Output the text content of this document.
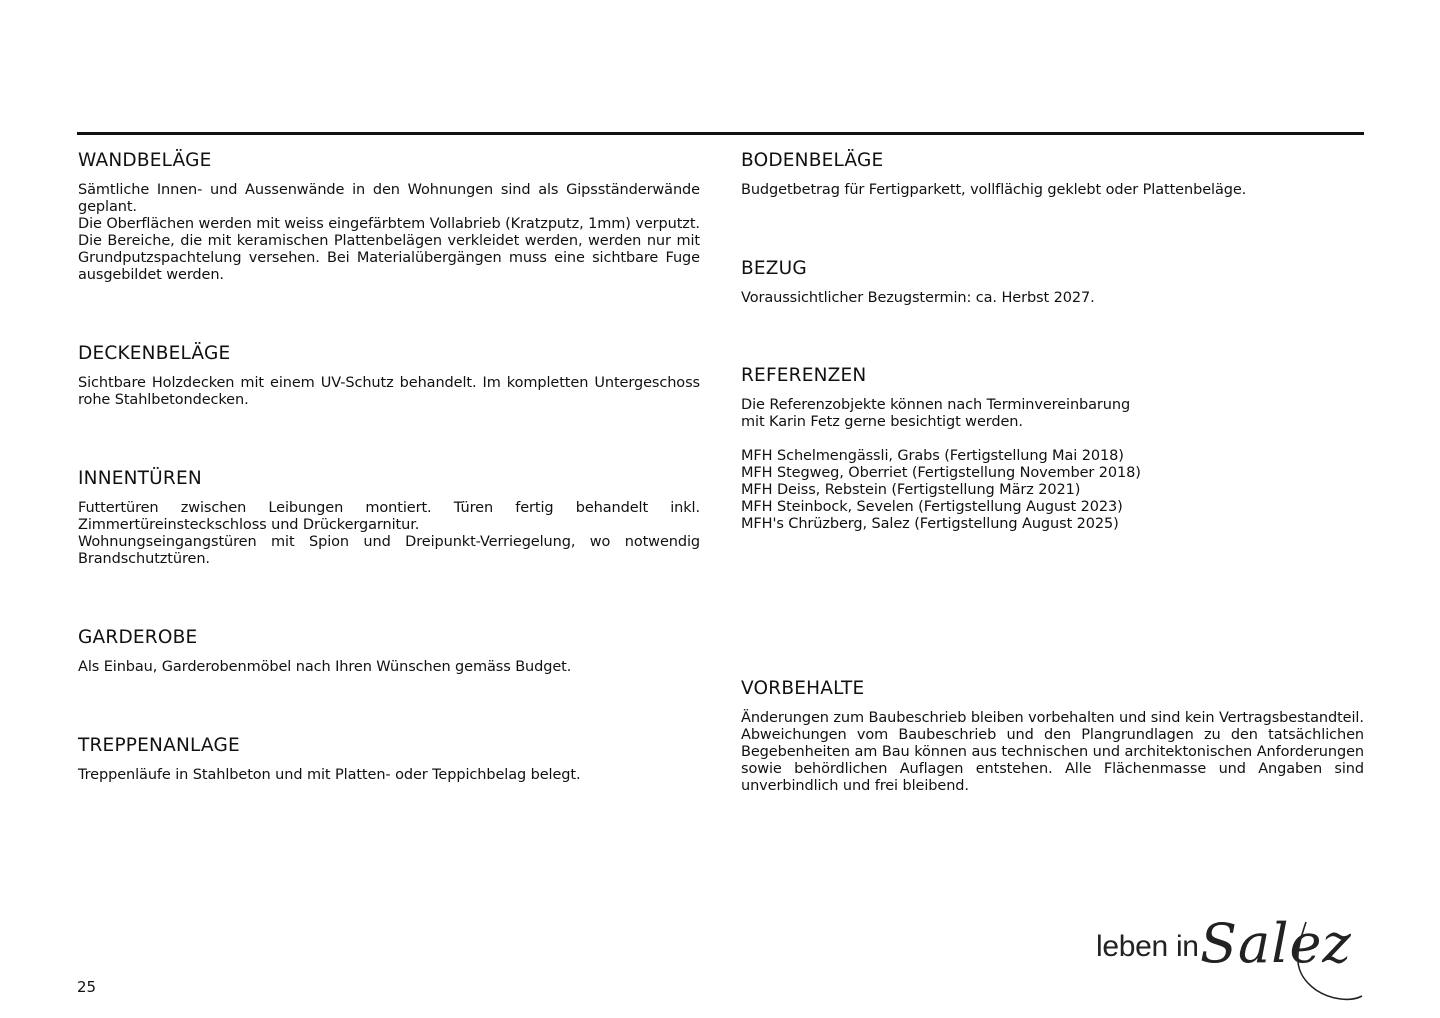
WANDBELÄGE

Sämtliche Innen- und Aussenwände in den Wohnungen sind als Gipsständerwände geplant.

Die Oberflächen werden mit weiss eingefärbtem Vollabrieb (Kratzputz, 1mm) verputzt.

Die Bereiche, die mit keramischen Plattenbelägen verkleidet werden, werden nur mit Grundputzspachtelung versehen. Bei Materialübergängen muss eine sichtbare Fuge ausgebildet werden.

DECKENBELÄGE

Sichtbare Holzdecken mit einem UV-Schutz behandelt. Im kompletten Untergeschoss rohe Stahlbetondecken.

INNENTÜREN

Futtertüren zwischen Leibungen montiert. Türen fertig behandelt inkl. Zimmertüreinsteckschloss und Drückergarnitur.

Wohnungseingangstüren mit Spion und Dreipunkt-Verriegelung, wo notwendig Brandschutztüren.

GARDEROBE

Als Einbau, Garderobenmöbel nach Ihren Wünschen gemäss Budget.

TREPPENANLAGE

Treppenläufe in Stahlbeton und mit Platten- oder Teppichbelag belegt.

BODENBELÄGE

Budgetbetrag für Fertigparkett, vollflächig geklebt oder Plattenbeläge.

BEZUG

Voraussichtlicher Bezugstermin: ca. Herbst 2027.

REFERENZEN

Die Referenzobjekte können nach Terminvereinbarung

mit Karin Fetz gerne besichtigt werden.

MFH Schelmengässli, Grabs (Fertigstellung Mai 2018)

MFH Stegweg, Oberriet (Fertigstellung November 2018)

MFH Deiss, Rebstein (Fertigstellung März 2021)

MFH Steinbock, Sevelen (Fertigstellung August 2023)

MFH's Chrüzberg, Salez (Fertigstellung August 2025)

VORBEHALTE

Änderungen zum Baubeschrieb bleiben vorbehalten und sind kein Vertragsbestandteil.

Abweichungen vom Baubeschrieb und den Plangrundlagen zu den tatsächlichen Begebenheiten am Bau können aus technischen und architektonischen Anforderungen sowie behördlichen Auflagen entstehen. Alle Flächenmasse und Angaben sind unverbindlich und frei bleibend.

25
leben in Salez
